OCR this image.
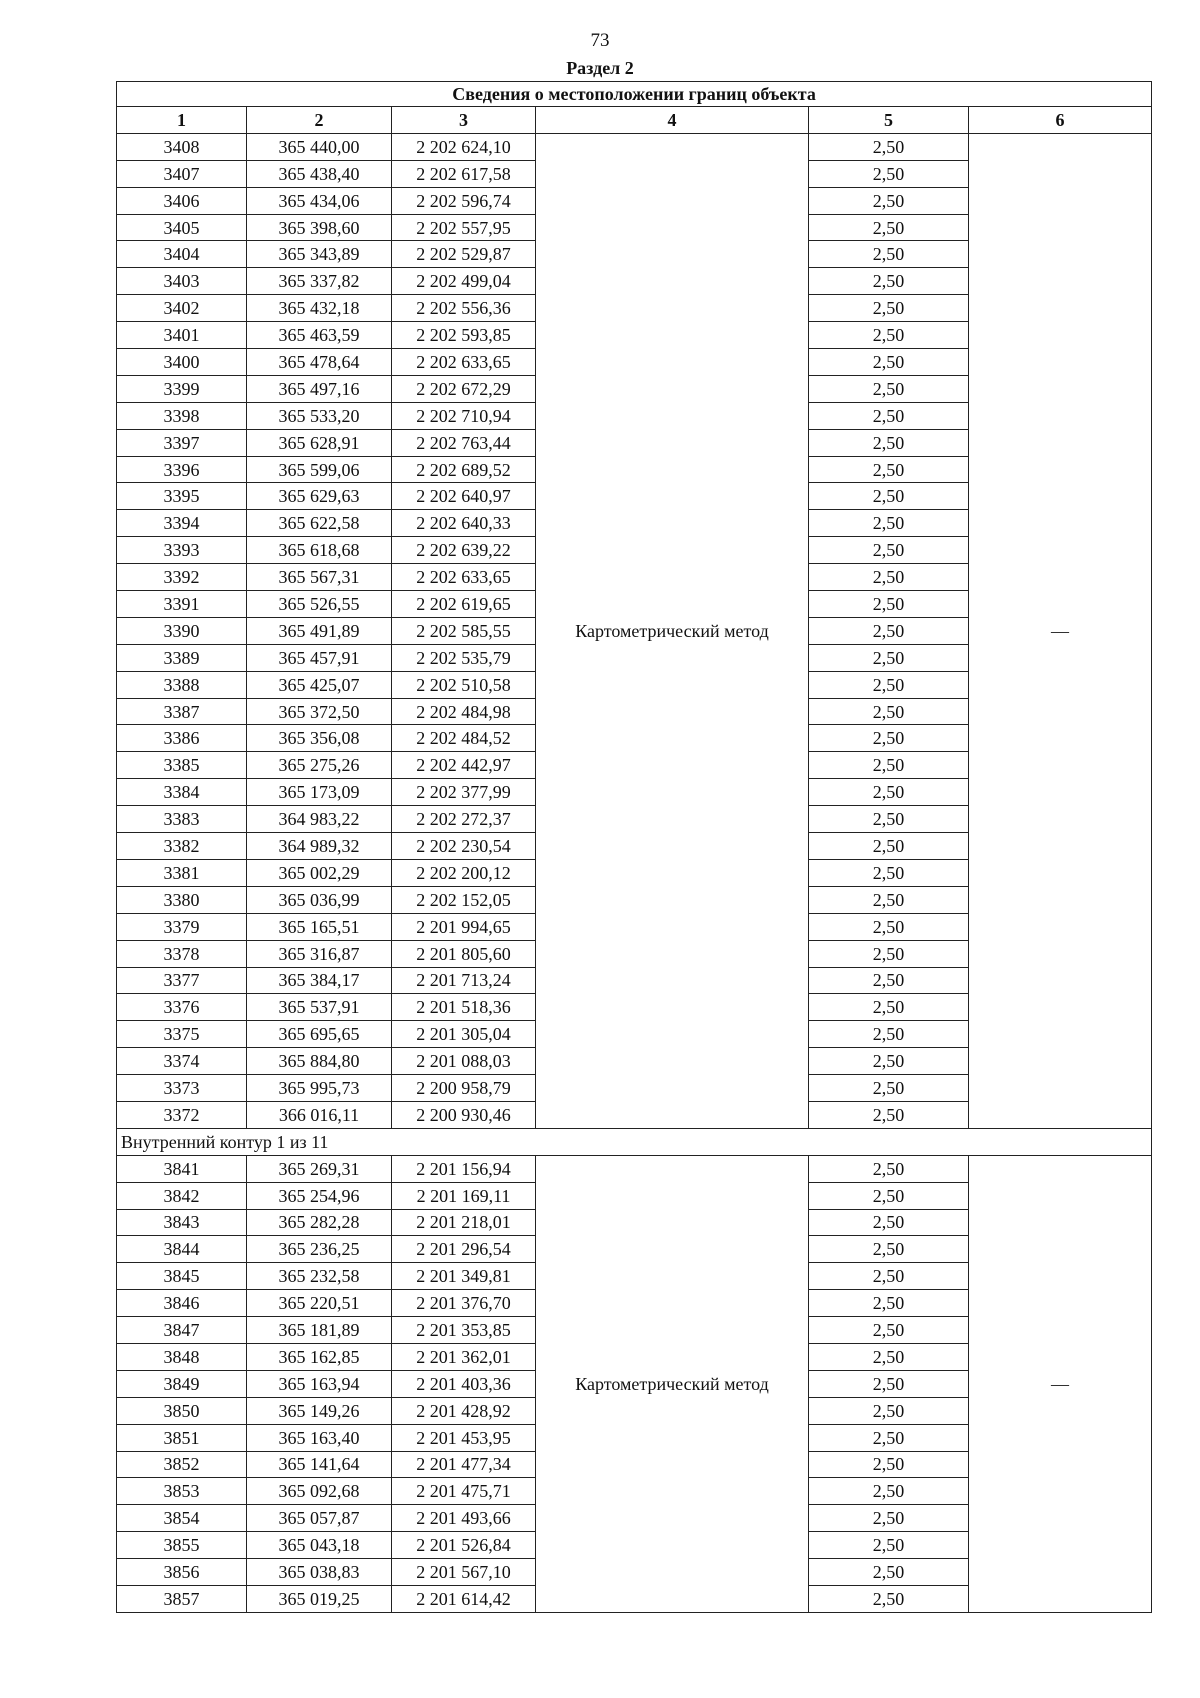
73
Раздел 2
Сведения о местоположении границ объекта					
1	2	3	4	5	6
3408	365 440,00	2 202 624,10	Картометрический метод	2,50	—
3407	365 438,40	2 202 617,58		2,50	
3406	365 434,06	2 202 596,74		2,50	
3405	365 398,60	2 202 557,95		2,50	
3404	365 343,89	2 202 529,87		2,50	
3403	365 337,82	2 202 499,04		2,50	
3402	365 432,18	2 202 556,36		2,50	
3401	365 463,59	2 202 593,85		2,50	
3400	365 478,64	2 202 633,65		2,50	
3399	365 497,16	2 202 672,29		2,50	
3398	365 533,20	2 202 710,94		2,50	
3397	365 628,91	2 202 763,44		2,50	
3396	365 599,06	2 202 689,52		2,50	
3395	365 629,63	2 202 640,97		2,50	
3394	365 622,58	2 202 640,33		2,50	
3393	365 618,68	2 202 639,22		2,50	
3392	365 567,31	2 202 633,65		2,50	
3391	365 526,55	2 202 619,65		2,50	
3390	365 491,89	2 202 585,55		2,50	
3389	365 457,91	2 202 535,79		2,50	
3388	365 425,07	2 202 510,58		2,50	
3387	365 372,50	2 202 484,98		2,50	
3386	365 356,08	2 202 484,52		2,50	
3385	365 275,26	2 202 442,97		2,50	
3384	365 173,09	2 202 377,99		2,50	
3383	364 983,22	2 202 272,37		2,50	
3382	364 989,32	2 202 230,54		2,50	
3381	365 002,29	2 202 200,12		2,50	
3380	365 036,99	2 202 152,05		2,50	
3379	365 165,51	2 201 994,65		2,50	
3378	365 316,87	2 201 805,60		2,50	
3377	365 384,17	2 201 713,24		2,50	
3376	365 537,91	2 201 518,36		2,50	
3375	365 695,65	2 201 305,04		2,50	
3374	365 884,80	2 201 088,03		2,50	
3373	365 995,73	2 200 958,79		2,50	
3372	366 016,11	2 200 930,46		2,50	
Внутренний контур 1 из 11					
3841	365 269,31	2 201 156,94	Картометрический метод	2,50	—
3842	365 254,96	2 201 169,11		2,50	
3843	365 282,28	2 201 218,01		2,50	
3844	365 236,25	2 201 296,54		2,50	
3845	365 232,58	2 201 349,81		2,50	
3846	365 220,51	2 201 376,70		2,50	
3847	365 181,89	2 201 353,85		2,50	
3848	365 162,85	2 201 362,01		2,50	
3849	365 163,94	2 201 403,36		2,50	
3850	365 149,26	2 201 428,92		2,50	
3851	365 163,40	2 201 453,95		2,50	
3852	365 141,64	2 201 477,34		2,50	
3853	365 092,68	2 201 475,71		2,50	
3854	365 057,87	2 201 493,66		2,50	
3855	365 043,18	2 201 526,84		2,50	
3856	365 038,83	2 201 567,10		2,50	
3857	365 019,25	2 201 614,42		2,50	
